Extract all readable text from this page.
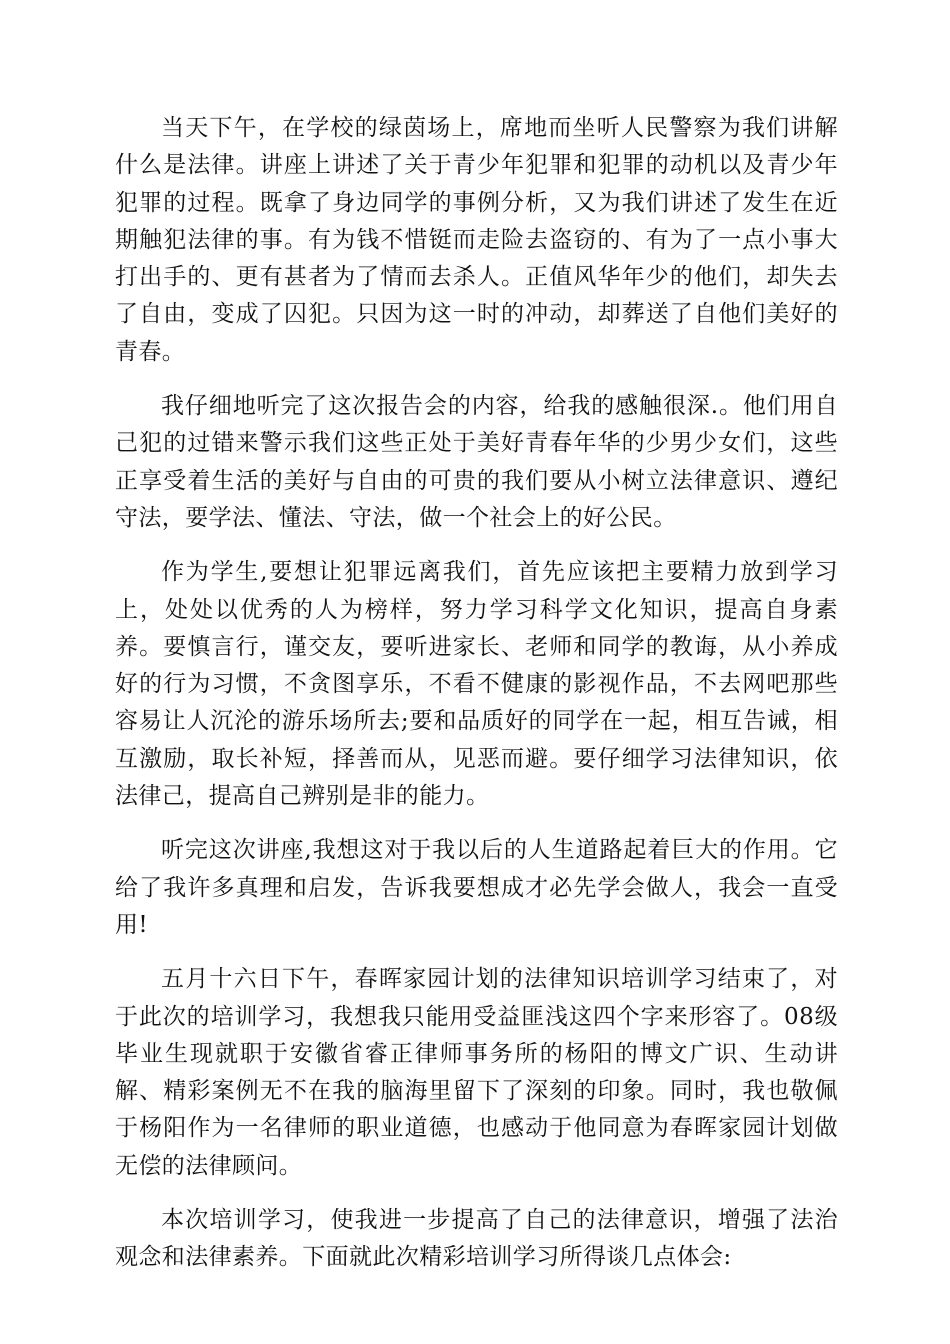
当天下午，在学校的绿茵场上，席地而坐听人民警察为我们讲解什么是法律。讲座上讲述了关于青少年犯罪和犯罪的动机以及青少年犯罪的过程。既拿了身边同学的事例分析，又为我们讲述了发生在近期触犯法律的事。有为钱不惜铤而走险去盗窃的、有为了一点小事大打出手的、更有甚者为了情而去杀人。正值风华年少的他们，却失去了自由，变成了囚犯。只因为这一时的冲动，却葬送了自他们美好的青春。

我仔细地听完了这次报告会的内容，给我的感触很深.。他们用自己犯的过错来警示我们这些正处于美好青春年华的少男少女们，这些正享受着生活的美好与自由的可贵的我们要从小树立法律意识、遵纪守法，要学法、懂法、守法，做一个社会上的好公民。

作为学生,要想让犯罪远离我们，首先应该把主要精力放到学习上，处处以优秀的人为榜样，努力学习科学文化知识，提高自身素养。要慎言行，谨交友，要听进家长、老师和同学的教诲，从小养成好的行为习惯，不贪图享乐，不看不健康的影视作品，不去网吧那些容易让人沉沦的游乐场所去;要和品质好的同学在一起，相互告诫，相互激励，取长补短，择善而从，见恶而避。要仔细学习法律知识，依法律己，提高自己辨别是非的能力。

听完这次讲座,我想这对于我以后的人生道路起着巨大的作用。它给了我许多真理和启发，告诉我要想成才必先学会做人，我会一直受用!

五月十六日下午，春晖家园计划的法律知识培训学习结束了，对于此次的培训学习，我想我只能用受益匪浅这四个字来形容了。08级毕业生现就职于安徽省睿正律师事务所的杨阳的博文广识、生动讲解、精彩案例无不在我的脑海里留下了深刻的印象。同时，我也敬佩于杨阳作为一名律师的职业道德，也感动于他同意为春晖家园计划做无偿的法律顾问。

本次培训学习，使我进一步提高了自己的法律意识，增强了法治观念和法律素养。下面就此次精彩培训学习所得谈几点体会:
